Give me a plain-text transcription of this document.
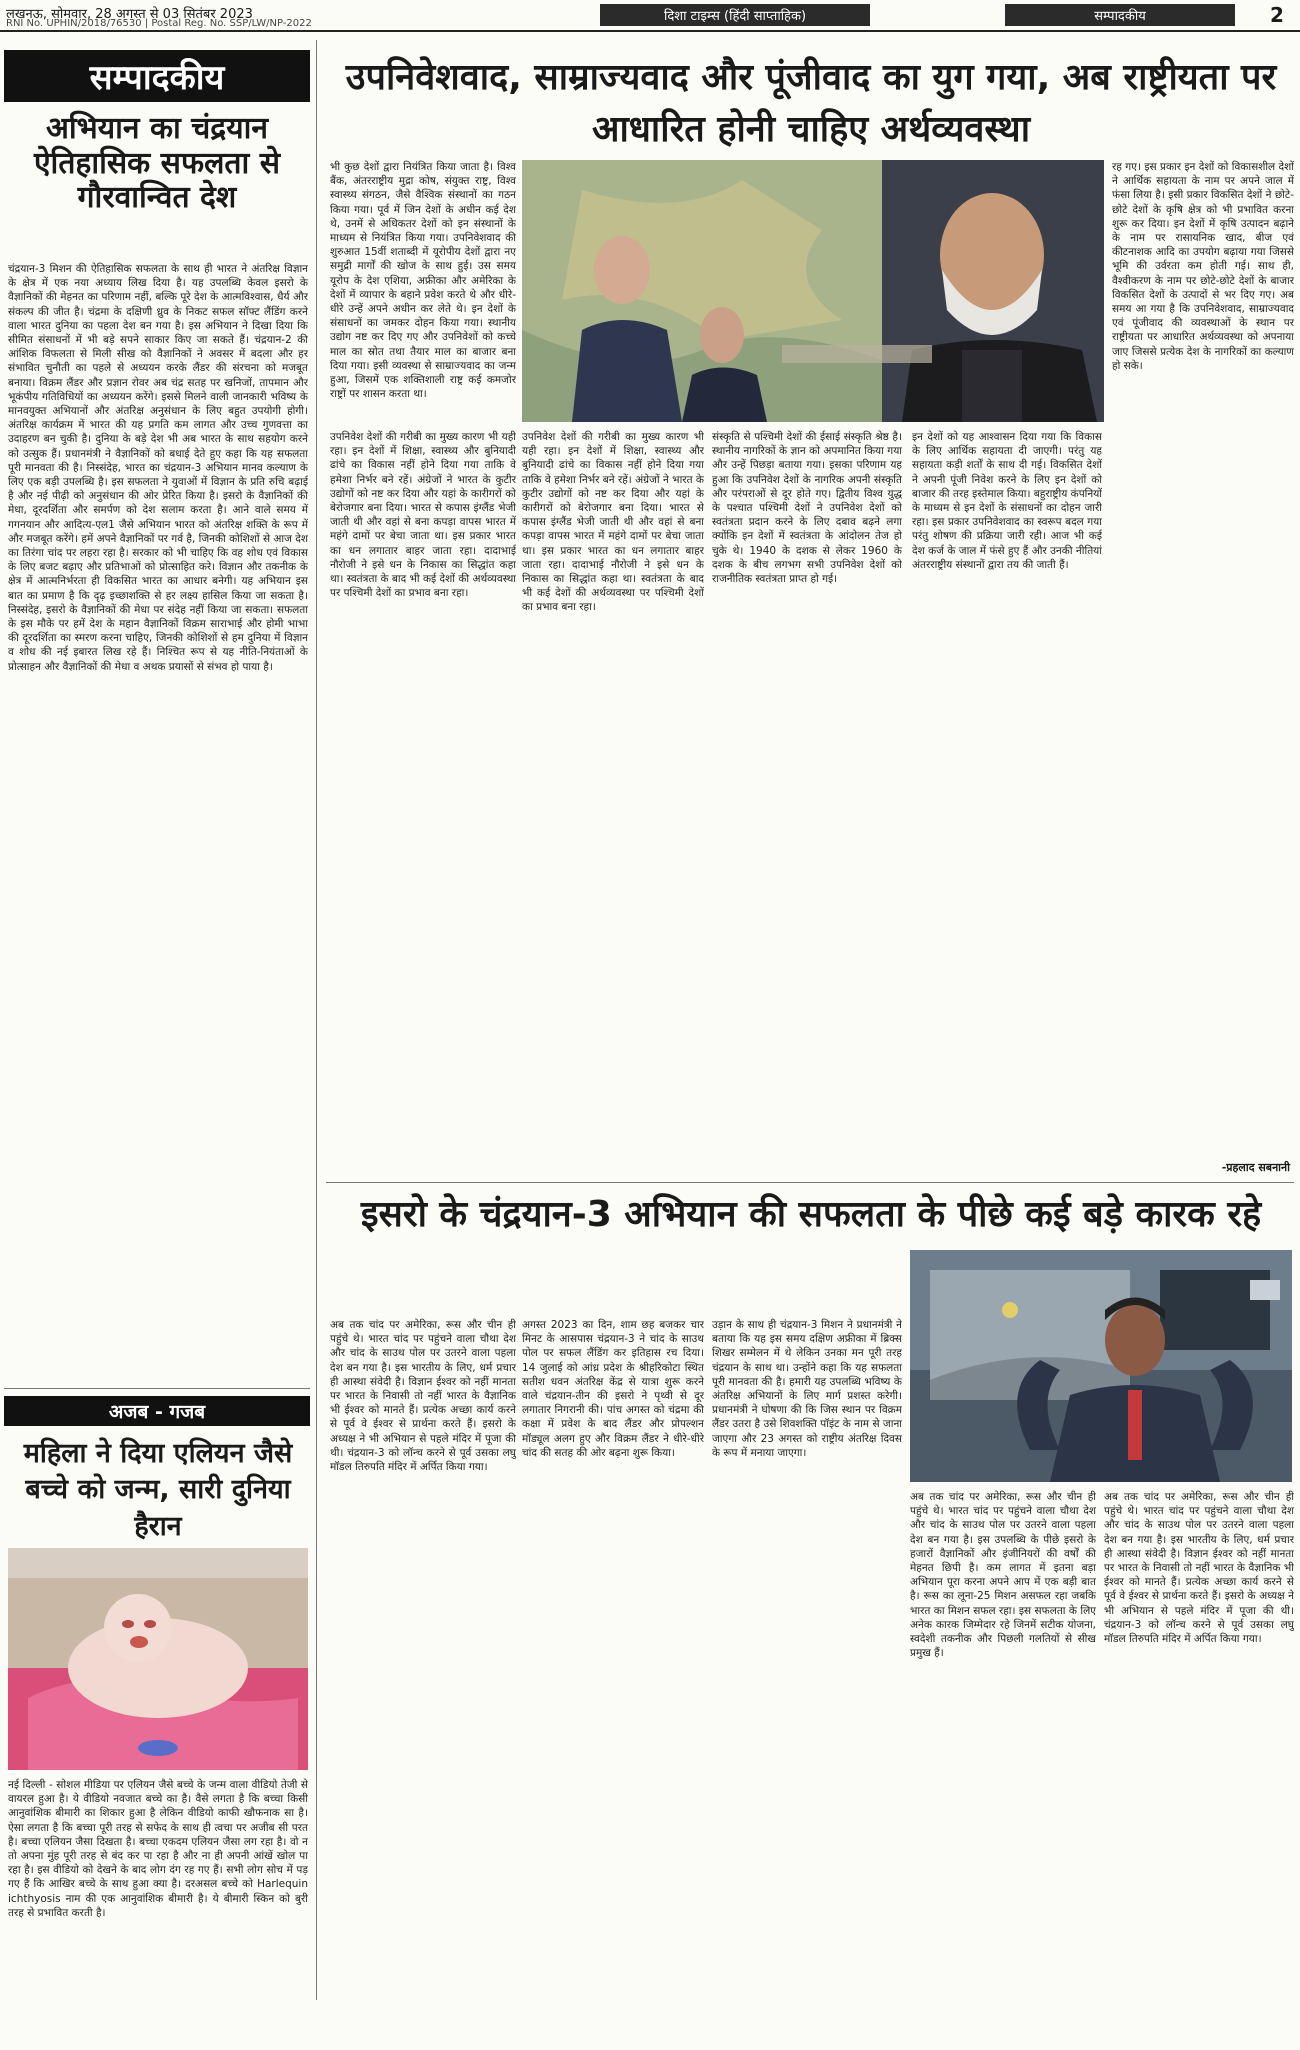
लखनऊ, सोमवार, 28 अगस्त से 03 सितंबर 2023
RNI No. UPHIN/2018/76530 | Postal Reg. No. SSP/LW/NP-2022	दिशा टाइम्स (हिंदी साप्ताहिक)	सम्पादकीय	2
सम्पादकीय
अभियान का चंद्रयान ऐतिहासिक सफलता से गौरवान्वित देश
चंद्रयान-3 मिशन की ऐतिहासिक सफलता के साथ ही भारत ने अंतरिक्ष विज्ञान के क्षेत्र में एक नया अध्याय लिख दिया है। यह उपलब्धि केवल इसरो के वैज्ञानिकों की मेहनत का परिणाम नहीं, बल्कि पूरे देश के आत्मविश्वास, धैर्य और संकल्प की जीत है। चंद्रमा के दक्षिणी ध्रुव के निकट सफल सॉफ्ट लैंडिंग करने वाला भारत दुनिया का पहला देश बन गया है। इस अभियान ने दिखा दिया कि सीमित संसाधनों में भी बड़े सपने साकार किए जा सकते हैं। चंद्रयान-2 की आंशिक विफलता से मिली सीख को वैज्ञानिकों ने अवसर में बदला और हर संभावित चुनौती का पहले से अध्ययन करके लैंडर की संरचना को मजबूत बनाया। विक्रम लैंडर और प्रज्ञान रोवर अब चंद्र सतह पर खनिजों, तापमान और भूकंपीय गतिविधियों का अध्ययन करेंगे। इससे मिलने वाली जानकारी भविष्य के मानवयुक्त अभियानों और अंतरिक्ष अनुसंधान के लिए बहुत उपयोगी होगी। अंतरिक्ष कार्यक्रम में भारत की यह प्रगति कम लागत और उच्च गुणवत्ता का उदाहरण बन चुकी है। दुनिया के बड़े देश भी अब भारत के साथ सहयोग करने को उत्सुक हैं। प्रधानमंत्री ने वैज्ञानिकों को बधाई देते हुए कहा कि यह सफलता पूरी मानवता की है। निस्संदेह, भारत का चंद्रयान-3 अभियान मानव कल्याण के लिए एक बड़ी उपलब्धि है। इस सफलता ने युवाओं में विज्ञान के प्रति रुचि बढ़ाई है और नई पीढ़ी को अनुसंधान की ओर प्रेरित किया है। इसरो के वैज्ञानिकों की मेधा, दूरदर्शिता और समर्पण को देश सलाम करता है। आने वाले समय में गगनयान और आदित्य-एल1 जैसे अभियान भारत को अंतरिक्ष शक्ति के रूप में और मजबूत करेंगे। हमें अपने वैज्ञानिकों पर गर्व है, जिनकी कोशिशों से आज देश का तिरंगा चांद पर लहरा रहा है। सरकार को भी चाहिए कि वह शोध एवं विकास के लिए बजट बढ़ाए और प्रतिभाओं को प्रोत्साहित करे। विज्ञान और तकनीक के क्षेत्र में आत्मनिर्भरता ही विकसित भारत का आधार बनेगी। यह अभियान इस बात का प्रमाण है कि दृढ़ इच्छाशक्ति से हर लक्ष्य हासिल किया जा सकता है। निस्संदेह, इसरो के वैज्ञानिकों की मेधा पर संदेह नहीं किया जा सकता। सफलता के इस मौके पर हमें देश के महान वैज्ञानिकों विक्रम साराभाई और होमी भाभा की दूरदर्शिता का स्मरण करना चाहिए, जिनकी कोशिशों से हम दुनिया में विज्ञान व शोध की नई इबारत लिख रहे हैं। निश्चित रूप से यह नीति-नियंताओं के प्रोत्साहन और वैज्ञानिकों की मेधा व अथक प्रयासों से संभव हो पाया है।
अजब - गजब
महिला ने दिया एलियन जैसे बच्चे को जन्म, सारी दुनिया हैरान
नई दिल्ली - सोशल मीडिया पर एलियन जैसे बच्चे के जन्म वाला वीडियो तेजी से वायरल हुआ है। ये वीडियो नवजात बच्चे का है। वैसे लगता है कि बच्चा किसी आनुवांशिक बीमारी का शिकार हुआ है लेकिन वीडियो काफी खौफनाक सा है। ऐसा लगता है कि बच्चा पूरी तरह से सफेद के साथ ही त्वचा पर अजीब सी परत है। बच्चा एलियन जैसा दिखता है। बच्चा एकदम एलियन जैसा लग रहा है। वो न तो अपना मुंह पूरी तरह से बंद कर पा रहा है और ना ही अपनी आंखें खोल पा रहा है। इस वीडियो को देखने के बाद लोग दंग रह गए हैं। सभी लोग सोच में पड़ गए हैं कि आखिर बच्चे के साथ हुआ क्या है। दरअसल बच्चे को Harlequin ichthyosis नाम की एक आनुवांशिक बीमारी है। ये बीमारी स्किन को बुरी तरह से प्रभावित करती है।
उपनिवेशवाद, साम्राज्यवाद और पूंजीवाद का युग गया, अब राष्ट्रीयता पर आधारित होनी चाहिए अर्थव्यवस्था
भी कुछ देशों द्वारा नियंत्रित किया जाता है। विश्व बैंक, अंतरराष्ट्रीय मुद्रा कोष, संयुक्त राष्ट्र, विश्व स्वास्थ्य संगठन, जैसे वैश्विक संस्थानों का गठन किया गया। पूर्व में जिन देशों के अधीन कई देश थे, उनमें से अधिकतर देशों को इन संस्थानों के माध्यम से नियंत्रित किया गया। उपनिवेशवाद की शुरुआत 15वीं शताब्दी में यूरोपीय देशों द्वारा नए समुद्री मार्गों की खोज के साथ हुई। उस समय यूरोप के देश एशिया, अफ्रीका और अमेरिका के देशों में व्यापार के बहाने प्रवेश करते थे और धीरे-धीरे उन्हें अपने अधीन कर लेते थे। इन देशों के संसाधनों का जमकर दोहन किया गया। स्थानीय उद्योग नष्ट कर दिए गए और उपनिवेशों को कच्चे माल का स्रोत तथा तैयार माल का बाजार बना दिया गया। इसी व्यवस्था से साम्राज्यवाद का जन्म हुआ, जिसमें एक शक्तिशाली राष्ट्र कई कमजोर राष्ट्रों पर शासन करता था।
उपनिवेश देशों की गरीबी का मुख्य कारण भी यही रहा। इन देशों में शिक्षा, स्वास्थ्य और बुनियादी ढांचे का विकास नहीं होने दिया गया ताकि वे हमेशा निर्भर बने रहें। अंग्रेजों ने भारत के कुटीर उद्योगों को नष्ट कर दिया और यहां के कारीगरों को बेरोजगार बना दिया। भारत से कपास इंग्लैंड भेजी जाती थी और वहां से बना कपड़ा वापस भारत में महंगे दामों पर बेचा जाता था। इस प्रकार भारत का धन लगातार बाहर जाता रहा। दादाभाई नौरोजी ने इसे धन के निकास का सिद्धांत कहा था। स्वतंत्रता के बाद भी कई देशों की अर्थव्यवस्था पर पश्चिमी देशों का प्रभाव बना रहा।
उपनिवेश देशों की गरीबी का मुख्य कारण भी यही रहा। इन देशों में शिक्षा, स्वास्थ्य और बुनियादी ढांचे का विकास नहीं होने दिया गया ताकि वे हमेशा निर्भर बने रहें। अंग्रेजों ने भारत के कुटीर उद्योगों को नष्ट कर दिया और यहां के कारीगरों को बेरोजगार बना दिया। भारत से कपास इंग्लैंड भेजी जाती थी और वहां से बना कपड़ा वापस भारत में महंगे दामों पर बेचा जाता था। इस प्रकार भारत का धन लगातार बाहर जाता रहा। दादाभाई नौरोजी ने इसे धन के निकास का सिद्धांत कहा था। स्वतंत्रता के बाद भी कई देशों की अर्थव्यवस्था पर पश्चिमी देशों का प्रभाव बना रहा।
संस्कृति से पश्चिमी देशों की ईसाई संस्कृति श्रेष्ठ है। स्थानीय नागरिकों के ज्ञान को अपमानित किया गया और उन्हें पिछड़ा बताया गया। इसका परिणाम यह हुआ कि उपनिवेश देशों के नागरिक अपनी संस्कृति और परंपराओं से दूर होते गए। द्वितीय विश्व युद्ध के पश्चात पश्चिमी देशों ने उपनिवेश देशों को स्वतंत्रता प्रदान करने के लिए दबाव बढ़ने लगा क्योंकि इन देशों में स्वतंत्रता के आंदोलन तेज हो चुके थे। 1940 के दशक से लेकर 1960 के दशक के बीच लगभग सभी उपनिवेश देशों को राजनीतिक स्वतंत्रता प्राप्त हो गई।
इन देशों को यह आश्वासन दिया गया कि विकास के लिए आर्थिक सहायता दी जाएगी। परंतु यह सहायता कड़ी शर्तों के साथ दी गई। विकसित देशों ने अपनी पूंजी निवेश करने के लिए इन देशों को बाजार की तरह इस्तेमाल किया। बहुराष्ट्रीय कंपनियों के माध्यम से इन देशों के संसाधनों का दोहन जारी रहा। इस प्रकार उपनिवेशवाद का स्वरूप बदल गया परंतु शोषण की प्रक्रिया जारी रही। आज भी कई देश कर्ज के जाल में फंसे हुए हैं और उनकी नीतियां अंतरराष्ट्रीय संस्थानों द्वारा तय की जाती हैं।
रह गए। इस प्रकार इन देशों को विकासशील देशों ने आर्थिक सहायता के नाम पर अपने जाल में फंसा लिया है। इसी प्रकार विकसित देशों ने छोटे-छोटे देशों के कृषि क्षेत्र को भी प्रभावित करना शुरू कर दिया। इन देशों में कृषि उत्पादन बढ़ाने के नाम पर रासायनिक खाद, बीज एवं कीटनाशक आदि का उपयोग बढ़ाया गया जिससे भूमि की उर्वरता कम होती गई। साथ ही, वैश्वीकरण के नाम पर छोटे-छोटे देशों के बाजार विकसित देशों के उत्पादों से भर दिए गए। अब समय आ गया है कि उपनिवेशवाद, साम्राज्यवाद एवं पूंजीवाद की व्यवस्थाओं के स्थान पर राष्ट्रीयता पर आधारित अर्थव्यवस्था को अपनाया जाए जिससे प्रत्येक देश के नागरिकों का कल्याण हो सके।
-प्रहलाद सबनानी
इसरो के चंद्रयान-3 अभियान की सफलता के पीछे कई बड़े कारक रहे
अब तक चांद पर अमेरिका, रूस और चीन ही पहुंचे थे। भारत चांद पर पहुंचने वाला चौथा देश और चांद के साउथ पोल पर उतरने वाला पहला देश बन गया है। इस भारतीय के लिए, धर्म प्रचार ही आस्था संवेदी है। विज्ञान ईश्वर को नहीं मानता पर भारत के निवासी तो नहीं भारत के वैज्ञानिक भी ईश्वर को मानते हैं। प्रत्येक अच्छा कार्य करने से पूर्व वे ईश्वर से प्रार्थना करते हैं। इसरो के अध्यक्ष ने भी अभियान से पहले मंदिर में पूजा की थी। चंद्रयान-3 को लॉन्च करने से पूर्व उसका लघु मॉडल तिरुपति मंदिर में अर्पित किया गया।
अगस्त 2023 का दिन, शाम छह बजकर चार मिनट के आसपास चंद्रयान-3 ने चांद के साउथ पोल पर सफल लैंडिंग कर इतिहास रच दिया। 14 जुलाई को आंध्र प्रदेश के श्रीहरिकोटा स्थित सतीश धवन अंतरिक्ष केंद्र से यात्रा शुरू करने वाले चंद्रयान-तीन की इसरो ने पृथ्वी से दूर लगातार निगरानी की। पांच अगस्त को चंद्रमा की कक्षा में प्रवेश के बाद लैंडर और प्रोपल्शन मॉड्यूल अलग हुए और विक्रम लैंडर ने धीरे-धीरे चांद की सतह की ओर बढ़ना शुरू किया।
उड़ान के साथ ही चंद्रयान-3 मिशन ने प्रधानमंत्री ने बताया कि यह इस समय दक्षिण अफ्रीका में ब्रिक्स शिखर सम्मेलन में थे लेकिन उनका मन पूरी तरह चंद्रयान के साथ था। उन्होंने कहा कि यह सफलता पूरी मानवता की है। हमारी यह उपलब्धि भविष्य के अंतरिक्ष अभियानों के लिए मार्ग प्रशस्त करेगी। प्रधानमंत्री ने घोषणा की कि जिस स्थान पर विक्रम लैंडर उतरा है उसे शिवशक्ति पॉइंट के नाम से जाना जाएगा और 23 अगस्त को राष्ट्रीय अंतरिक्ष दिवस के रूप में मनाया जाएगा।
अब तक चांद पर अमेरिका, रूस और चीन ही पहुंचे थे। भारत चांद पर पहुंचने वाला चौथा देश और चांद के साउथ पोल पर उतरने वाला पहला देश बन गया है। इस उपलब्धि के पीछे इसरो के हजारों वैज्ञानिकों और इंजीनियरों की वर्षों की मेहनत छिपी है। कम लागत में इतना बड़ा अभियान पूरा करना अपने आप में एक बड़ी बात है। रूस का लूना-25 मिशन असफल रहा जबकि भारत का मिशन सफल रहा। इस सफलता के लिए अनेक कारक जिम्मेदार रहे जिनमें सटीक योजना, स्वदेशी तकनीक और पिछली गलतियों से सीख प्रमुख हैं।
अब तक चांद पर अमेरिका, रूस और चीन ही पहुंचे थे। भारत चांद पर पहुंचने वाला चौथा देश और चांद के साउथ पोल पर उतरने वाला पहला देश बन गया है। इस भारतीय के लिए, धर्म प्रचार ही आस्था संवेदी है। विज्ञान ईश्वर को नहीं मानता पर भारत के निवासी तो नहीं भारत के वैज्ञानिक भी ईश्वर को मानते हैं। प्रत्येक अच्छा कार्य करने से पूर्व वे ईश्वर से प्रार्थना करते हैं। इसरो के अध्यक्ष ने भी अभियान से पहले मंदिर में पूजा की थी। चंद्रयान-3 को लॉन्च करने से पूर्व उसका लघु मॉडल तिरुपति मंदिर में अर्पित किया गया।
